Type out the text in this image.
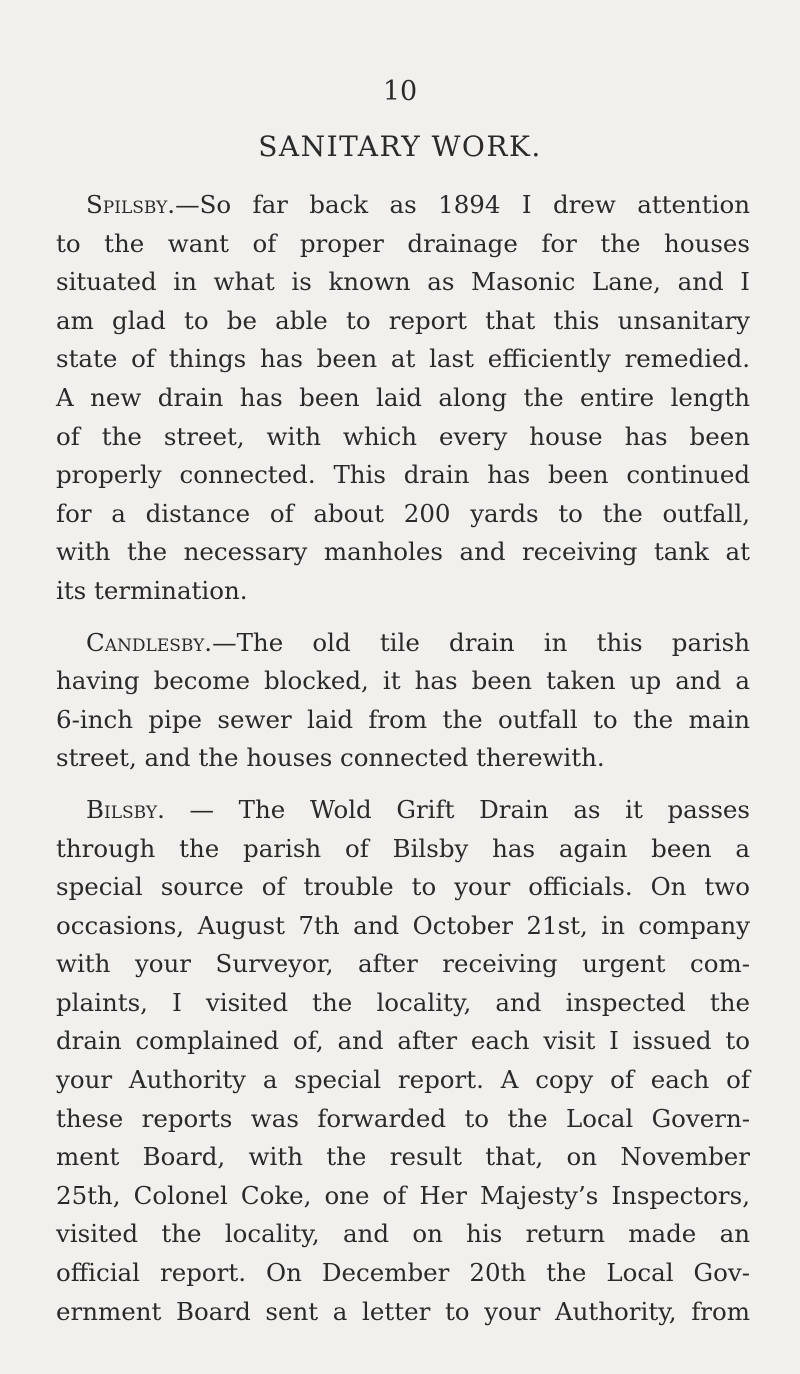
10
SANITARY WORK.
Spilsby.—So far back as 1894 I drew attention
to the want of proper drainage for the houses
situated in what is known as Masonic Lane, and I
am glad to be able to report that this unsanitary
state of things has been at last efficiently remedied.
A new drain has been laid along the entire length
of the street, with which every house has been
properly connected. This drain has been continued
for a distance of about 200 yards to the outfall,
with the necessary manholes and receiving tank at
its termination.
Candlesby.—The old tile drain in this parish
having become blocked, it has been taken up and a
6-inch pipe sewer laid from the outfall to the main
street, and the houses connected therewith.
Bilsby. — The Wold Grift Drain as it passes
through the parish of Bilsby has again been a
special source of trouble to your officials. On two
occasions, August 7th and October 21st, in company
with your Surveyor, after receiving urgent com-
plaints, I visited the locality, and inspected the
drain complained of, and after each visit I issued to
your Authority a special report. A copy of each of
these reports was forwarded to the Local Govern-
ment Board, with the result that, on November
25th, Colonel Coke, one of Her Majesty’s Inspectors,
visited the locality, and on his return made an
official report. On December 20th the Local Gov-
ernment Board sent a letter to your Authority, from
